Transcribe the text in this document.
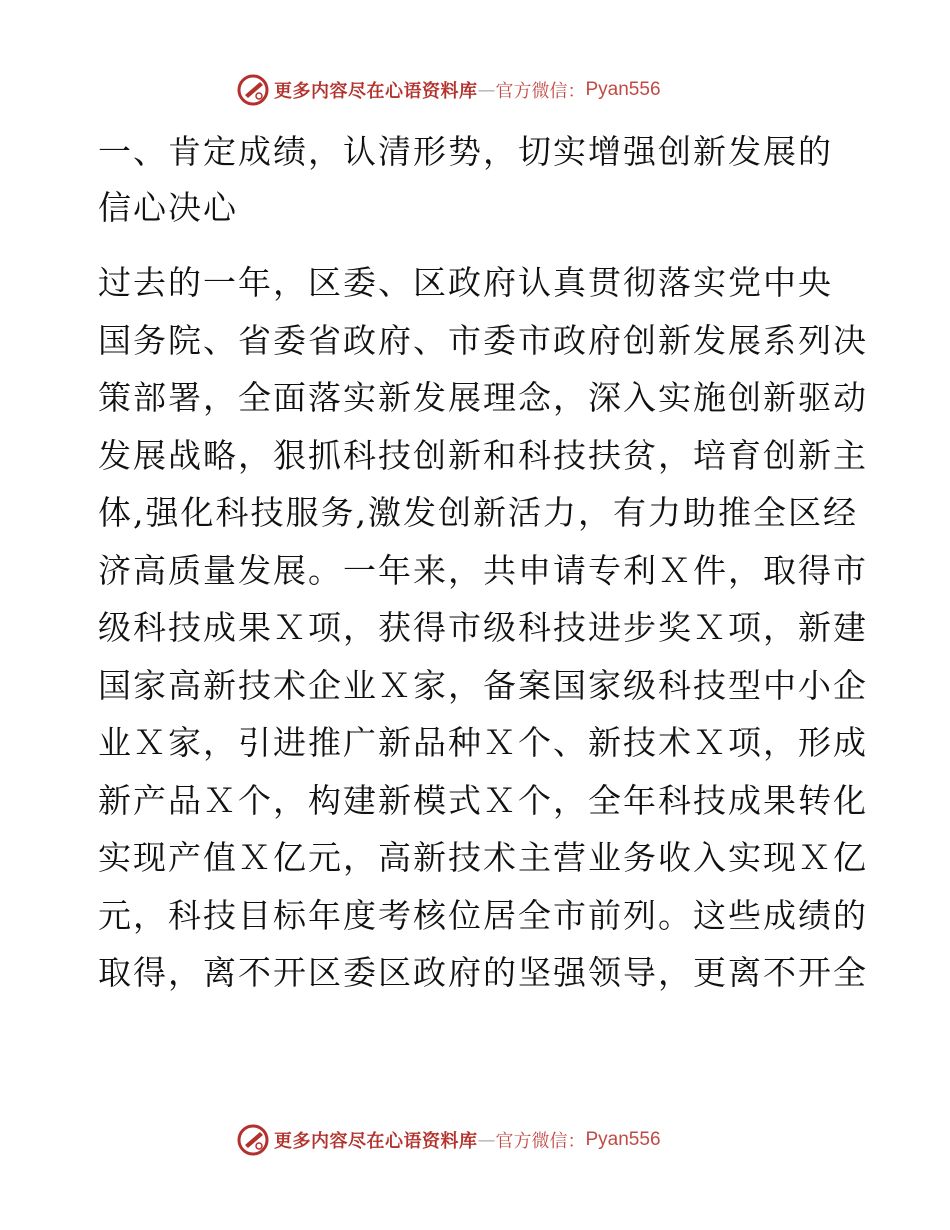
更多内容尽在心语资料库 — 官方微信： Pyan556
一、肯定成绩，认清形势，切实增强创新发展的
信心决心

过去的一年，区委、区政府认真贯彻落实党中央
国务院、省委省政府、市委市政府创新发展系列决
策部署，全面落实新发展理念，深入实施创新驱动
发展战略，狠抓科技创新和科技扶贫，培育创新主
体,强化科技服务,激发创新活力，有力助推全区经
济高质量发展。一年来，共申请专利Ｘ件，取得市
级科技成果Ｘ项，获得市级科技进步奖Ｘ项，新建
国家高新技术企业Ｘ家，备案国家级科技型中小企
业Ｘ家，引进推广新品种Ｘ个、新技术Ｘ项，形成
新产品Ｘ个，构建新模式Ｘ个，全年科技成果转化
实现产值Ｘ亿元，高新技术主营业务收入实现Ｘ亿
元，科技目标年度考核位居全市前列。这些成绩的
取得，离不开区委区政府的坚强领导，更离不开全

更多内容尽在心语资料库 — 官方微信： Pyan556
